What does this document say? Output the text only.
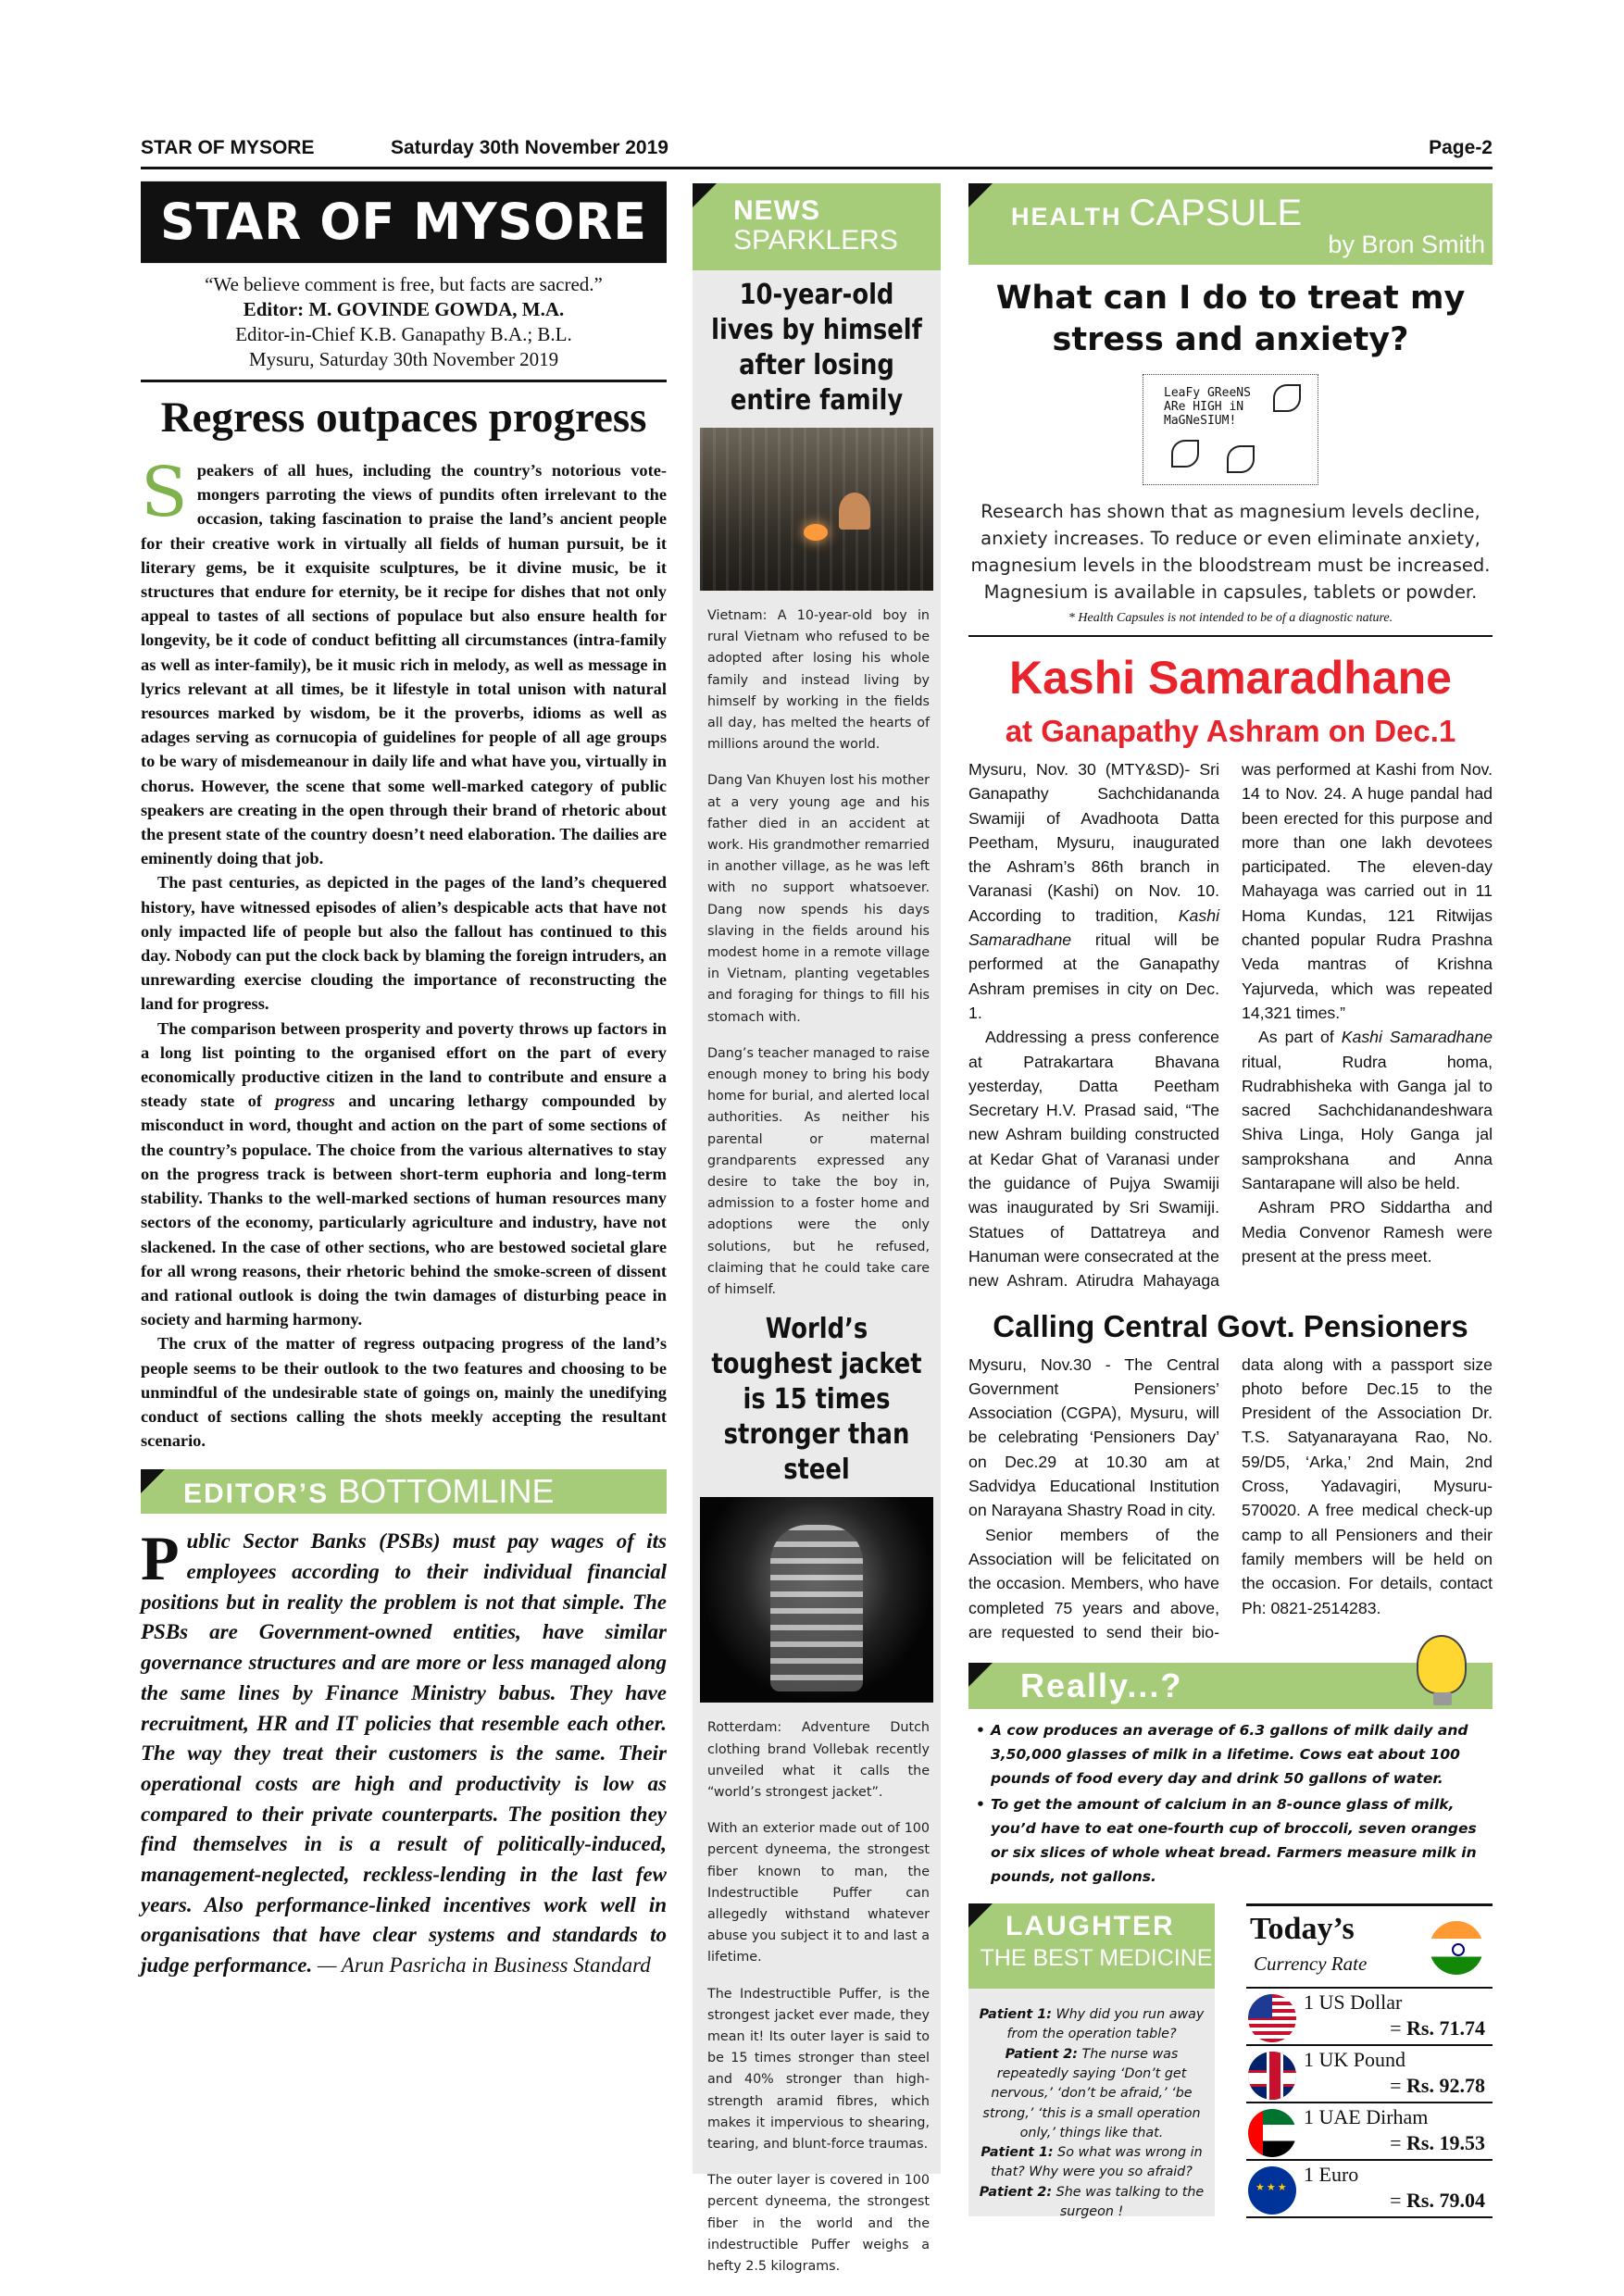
STAR OF MYSORE	Saturday 30th November 2019	Page-2
STAR OF MYSORE
“We believe comment is free, but facts are sacred.”
Editor: M. GOVINDE GOWDA, M.A.
Editor-in-Chief K.B. Ganapathy B.A.; B.L.
Mysuru, Saturday 30th November 2019
Regress outpaces progress

Speakers of all hues, including the country’s notorious vote-mongers parroting the views of pundits often irrelevant to the occasion, taking fascination to praise the land’s ancient people for their creative work in virtually all fields of human pursuit, be it literary gems, be it exquisite sculptures, be it divine music, be it structures that endure for eternity, be it recipe for dishes that not only appeal to tastes of all sections of populace but also ensure health for longevity, be it code of conduct befitting all circumstances (intra-family as well as inter-family), be it music rich in melody, as well as message in lyrics relevant at all times, be it lifestyle in total unison with natural resources marked by wisdom, be it the proverbs, idioms as well as adages serving as cornucopia of guidelines for people of all age groups to be wary of misdemeanour in daily life and what have you, virtually in chorus. However, the scene that some well-marked category of public speakers are creating in the open through their brand of rhetoric about the present state of the country doesn’t need elaboration. The dailies are eminently doing that job.

The past centuries, as depicted in the pages of the land’s chequered history, have witnessed episodes of alien’s despicable acts that have not only impacted life of people but also the fallout has continued to this day. Nobody can put the clock back by blaming the foreign intruders, an unrewarding exercise clouding the importance of reconstructing the land for progress.

The comparison between prosperity and poverty throws up factors in a long list pointing to the organised effort on the part of every economically productive citizen in the land to contribute and ensure a steady state of progress and uncaring lethargy compounded by misconduct in word, thought and action on the part of some sections of the country’s populace. The choice from the various alternatives to stay on the progress track is between short-term euphoria and long-term stability. Thanks to the well-marked sections of human resources many sectors of the economy, particularly agriculture and industry, have not slackened. In the case of other sections, who are bestowed societal glare for all wrong reasons, their rhetoric behind the smoke-screen of dissent and rational outlook is doing the twin damages of disturbing peace in society and harming harmony.

The crux of the matter of regress outpacing progress of the land’s people seems to be their outlook to the two features and choosing to be unmindful of the undesirable state of goings on, mainly the unedifying conduct of sections calling the shots meekly accepting the resultant scenario.

EDITOR’S BOTTOMLINE
Public Sector Banks (PSBs) must pay wages of its employees according to their individual financial positions but in reality the problem is not that simple. The PSBs are Government-owned entities, have similar governance structures and are more or less managed along the same lines by Finance Ministry babus. They have recruitment, HR and IT policies that resemble each other. The way they treat their customers is the same. Their operational costs are high and productivity is low as compared to their private counterparts. The position they find themselves in is a result of politically-induced, management-neglected, reckless-lending in the last few years. Also performance-linked incentives work well in organisations that have clear systems and standards to judge performance. — Arun Pasricha in Business Standard
NEWS
SPARKLERS
10-year-old lives by himself after losing entire family

Vietnam: A 10-year-old boy in rural Vietnam who refused to be adopted after losing his whole family and instead living by himself by working in the fields all day, has melted the hearts of millions around the world.

Dang Van Khuyen lost his mother at a very young age and his father died in an accident at work. His grandmother remarried in another village, as he was left with no support whatsoever. Dang now spends his days slaving in the fields around his modest home in a remote village in Vietnam, planting vegetables and foraging for things to fill his stomach with.

Dang’s teacher managed to raise enough money to bring his body home for burial, and alerted local authorities. As neither his parental or maternal grandparents expressed any desire to take the boy in, admission to a foster home and adoptions were the only solutions, but he refused, claiming that he could take care of himself.

World’s toughest jacket is 15 times stronger than steel

Rotterdam: Adventure Dutch clothing brand Vollebak recently unveiled what it calls the “world’s strongest jacket”.

With an exterior made out of 100 percent dyneema, the strongest fiber known to man, the Indestructible Puffer can allegedly withstand whatever abuse you subject it to and last a lifetime.

The Indestructible Puffer, is the strongest jacket ever made, they mean it! Its outer layer is said to be 15 times stronger than steel and 40% stronger than high-strength aramid fibres, which makes it impervious to shearing, tearing, and blunt-force traumas.

The outer layer is covered in 100 percent dyneema, the strongest fiber in the world and the indestructible Puffer weighs a hefty 2.5 kilograms.

HEALTH CAPSULE
by Bron Smith
What can I do to treat my stress and anxiety?
LeaFy GReeNS ARe HIGH iN MaGNeSIUM!
Research has shown that as magnesium levels decline, anxiety increases. To reduce or even eliminate anxiety, magnesium levels in the bloodstream must be increased. Magnesium is available in capsules, tablets or powder.
* Health Capsules is not intended to be of a diagnostic nature.
Kashi Samaradhane
at Ganapathy Ashram on Dec.1

Mysuru, Nov. 30 (MTY&SD)- Sri Ganapathy Sachchidananda Swamiji of Avadhoota Datta Peetham, Mysuru, inaugurated the Ashram’s 86th branch in Varanasi (Kashi) on Nov. 10. According to tradition, Kashi Samaradhane ritual will be performed at the Ganapathy Ashram premises in city on Dec. 1.

Addressing a press conference at Patrakartara Bhavana yesterday, Datta Peetham Secretary H.V. Prasad said, “The new Ashram building constructed at Kedar Ghat of Varanasi under the guidance of Pujya Swamiji was inaugurated by Sri Swamiji. Statues of Dattatreya and Hanuman were consecrated at the new Ashram. Atirudra Mahayaga was performed at Kashi from Nov. 14 to Nov. 24. A huge pandal had been erected for this purpose and more than one lakh devotees participated. The eleven-day Mahayaga was carried out in 11 Homa Kundas, 121 Ritwijas chanted popular Rudra Prashna Veda mantras of Krishna Yajurveda, which was repeated 14,321 times.”

As part of Kashi Samaradhane ritual, Rudra homa, Rudrabhisheka with Ganga jal to sacred Sachchidanandeshwara Shiva Linga, Holy Ganga jal samprokshana and Anna Santarapane will also be held.

Ashram PRO Siddartha and Media Convenor Ramesh were present at the press meet.

Calling Central Govt. Pensioners

Mysuru, Nov.30 - The Central Government Pensioners’ Association (CGPA), Mysuru, will be celebrating ‘Pensioners Day’ on Dec.29 at 10.30 am at Sadvidya Educational Institution on Narayana Shastry Road in city.

Senior members of the Association will be felicitated on the occasion. Members, who have completed 75 years and above, are requested to send their bio-data along with a passport size photo before Dec.15 to the President of the Association Dr. T.S. Satyanarayana Rao, No. 59/D5, ‘Arka,’ 2nd Main, 2nd Cross, Yadavagiri, Mysuru-570020. A free medical check-up camp to all Pensioners and their family members will be held on the occasion. For details, contact Ph: 0821-2514283.

Really...?
• A cow produces an average of 6.3 gallons of milk daily and 3,50,000 glasses of milk in a lifetime. Cows eat about 100 pounds of food every day and drink 50 gallons of water.
• To get the amount of calcium in an 8-ounce glass of milk, you’d have to eat one-fourth cup of broccoli, seven oranges or six slices of whole wheat bread. Farmers measure milk in pounds, not gallons.
LAUGHTER
THE BEST MEDICINE
Patient 1: Why did you run away from the operation table?
Patient 2: The nurse was repeatedly saying ‘Don’t get nervous,’ ‘don’t be afraid,’ ‘be strong,’ ‘this is a small operation only,’ things like that.
Patient 1: So what was wrong in that? Why were you so afraid?
Patient 2: She was talking to the surgeon !
Today’s
Currency Rate
1 US Dollar
= Rs. 71.74
1 UK Pound
= Rs. 92.78
1 UAE Dirham
= Rs. 19.53
★★★
1 Euro
= Rs. 79.04
